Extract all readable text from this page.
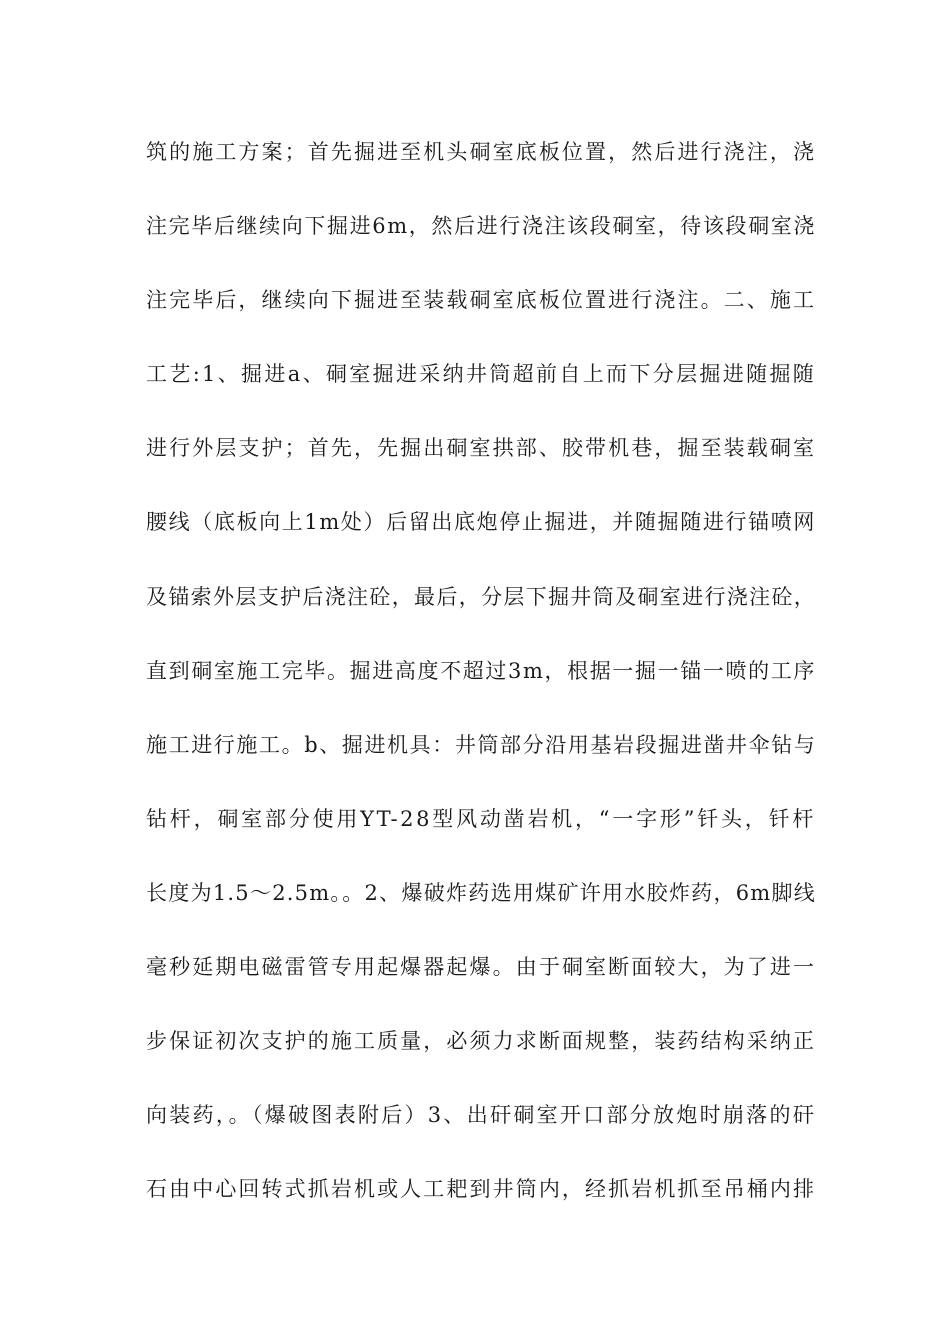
筑的施工方案；首先掘进至机头硐室底板位置，然后进行浇注，浇
注完毕后继续向下掘进6m，然后进行浇注该段硐室，待该段硐室浇
注完毕后，继续向下掘进至装载硐室底板位置进行浇注。二、施工
工艺:1、掘进a、硐室掘进采纳井筒超前自上而下分层掘进随掘随
进行外层支护；首先，先掘出硐室拱部、胶带机巷，掘至装载硐室
腰线（底板向上1m处）后留出底炮停止掘进，并随掘随进行锚喷网
及锚索外层支护后浇注砼，最后，分层下掘井筒及硐室进行浇注砼，
直到硐室施工完毕。掘进高度不超过3m，根据一掘一锚一喷的工序
施工进行施工。b、掘进机具：井筒部分沿用基岩段掘进凿井伞钻与
钻杆，硐室部分使用YT-28型风动凿岩机，“一字形”钎头，钎杆
长度为1.5～2.5m。。2、爆破炸药选用煤矿许用水胶炸药，6m脚线
毫秒延期电磁雷管专用起爆器起爆。由于硐室断面较大，为了进一
步保证初次支护的施工质量，必须力求断面规整，装药结构采纳正
向装药，。（爆破图表附后）3、出矸硐室开口部分放炮时崩落的矸
石由中心回转式抓岩机或人工耙到井筒内，经抓岩机抓至吊桶内排
